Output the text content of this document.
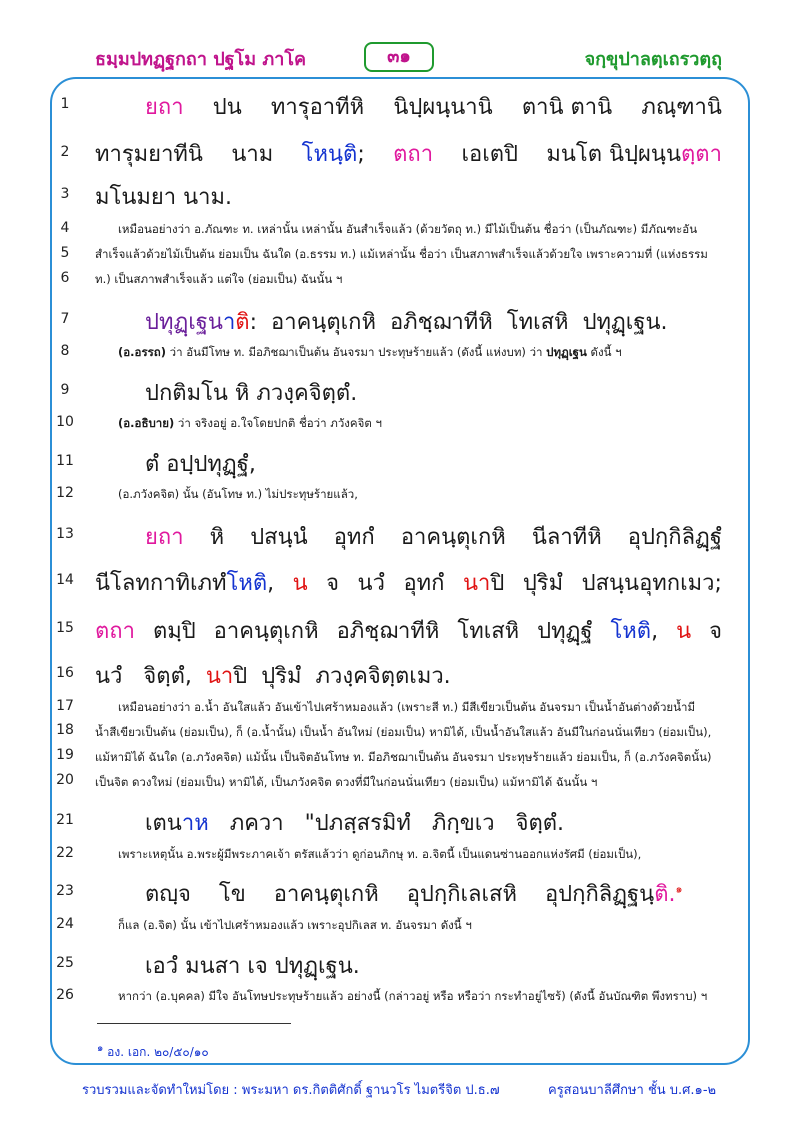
ธมฺมปทฏฺฐกถา ปฐโม ภาโค	๓๑	จกฺขุปาลตฺเถรวตฺถุ
1
2
3
4
5
6
7
8
9
10
11
12
13
14
15
16
17
18
19
20
21
22
23
24
25
26
ยถา ปน ทารุอาทีหิ นิปฺผนฺนานิ ตานิ ตานิ ภณฺฑานิ
ทารุมยาทีนิ นาม โหนฺติ; ตถา เอเตปิ มนโต นิปฺผนฺนตฺตา
มโนมยา นาม.
เหมือนอย่างว่า อ.ภัณฑะ ท. เหล่านั้น เหล่านั้น อันสำเร็จแล้ว (ด้วยวัตถุ ท.) มีไม้เป็นต้น ชื่อว่า (เป็นภัณฑะ) มีภัณฑะอัน
สำเร็จแล้วด้วยไม้เป็นต้น ย่อมเป็น ฉันใด (อ.ธรรม ท.) แม้เหล่านั้น ชื่อว่า เป็นสภาพสำเร็จแล้วด้วยใจ เพราะความที่ (แห่งธรรม
ท.) เป็นสภาพสำเร็จแล้ว แต่ใจ (ย่อมเป็น) ฉันนั้น ฯ
ปทุฏฺเฐนาติ: อาคนฺตุเกหิ อภิชฺฌาทีหิ โทเสหิ ปทุฏฺเฐน.
(อ.อรรถ) ว่า อันมีโทษ ท. มีอภิชฌาเป็นต้น อันจรมา ประทุษร้ายแล้ว (ดังนี้ แห่งบท) ว่า ปทุฏฺเฐน ดังนี้ ฯ
ปกติมโน หิ ภวงฺคจิตฺตํ.
(อ.อธิบาย) ว่า จริงอยู่ อ.ใจโดยปกติ ชื่อว่า ภวังคจิต ฯ
ตํ อปฺปทุฏฺฐํ,
(อ.ภวังคจิต) นั้น (อันโทษ ท.) ไม่ประทุษร้ายแล้ว,
ยถา หิ ปสนฺนํ อุทกํ อาคนฺตุเกหิ นีลาทีหิ อุปกฺกิลิฏฺฐํ
นีโลทกาทิเภทํโหติ, น จ นวํ อุทกํ นาปิ ปุริมํ ปสนฺนอุทกเมว;
ตถา ตมฺปิ อาคนฺตุเกหิ อภิชฺฌาทีหิ โทเสหิ ปทุฏฺฐํ โหติ, น จ
นวํ จิตฺตํ, นาปิ ปุริมํ ภวงฺคจิตฺตเมว.
เหมือนอย่างว่า อ.น้ำ อันใสแล้ว อันเข้าไปเศร้าหมองแล้ว (เพราะสี ท.) มีสีเขียวเป็นต้น อันจรมา เป็นน้ำอันต่างด้วยน้ำมี
น้ำสีเขียวเป็นต้น (ย่อมเป็น), ก็ (อ.น้ำนั้น) เป็นน้ำ อันใหม่ (ย่อมเป็น) หามิได้, เป็นน้ำอันใสแล้ว อันมีในก่อนนั่นเทียว (ย่อมเป็น),
แม้หามิได้ ฉันใด (อ.ภวังคจิต) แม้นั้น เป็นจิตอันโทษ ท. มีอภิชฌาเป็นต้น อันจรมา ประทุษร้ายแล้ว ย่อมเป็น, ก็ (อ.ภวังคจิตนั้น)
เป็นจิต ดวงใหม่ (ย่อมเป็น) หามิได้, เป็นภวังคจิต ดวงที่มีในก่อนนั่นเทียว (ย่อมเป็น) แม้หามิได้ ฉันนั้น ฯ
เตนาห ภควา "ปภสฺสรมิทํ ภิกฺขเว จิตฺตํ.
เพราะเหตุนั้น อ.พระผู้มีพระภาคเจ้า ตรัสแล้วว่า ดูก่อนภิกษุ ท. อ.จิตนี้ เป็นแดนซ่านออกแห่งรัศมี (ย่อมเป็น),
ตญฺจ โข อาคนฺตุเกหิ อุปกฺกิเลเสหิ อุปกฺกิลิฏฺฐนฺติ.$^๑$
ก็แล (อ.จิต) นั้น เข้าไปเศร้าหมองแล้ว เพราะอุปกิเลส ท. อันจรมา ดังนี้ ฯ
เอวํ มนสา เจ ปทุฏฺเฐน.
หากว่า (อ.บุคคล) มีใจ อันโทษประทุษร้ายแล้ว อย่างนี้ (กล่าวอยู่ หรือ หรือว่า กระทำอยู่ไซร้) (ดังนี้ อันบัณฑิต พึงทราบ) ฯ
$^๑$ อง. เอก. ๒๐/๕๐/๑๐
รวบรวมและจัดทำใหม่โดย : พระมหา ดร.กิตติศักดิ์ ฐานวโร ไมตรีจิต ป.ธ.๗	ครูสอนบาลีศึกษา ชั้น บ.ศ.๑-๒
